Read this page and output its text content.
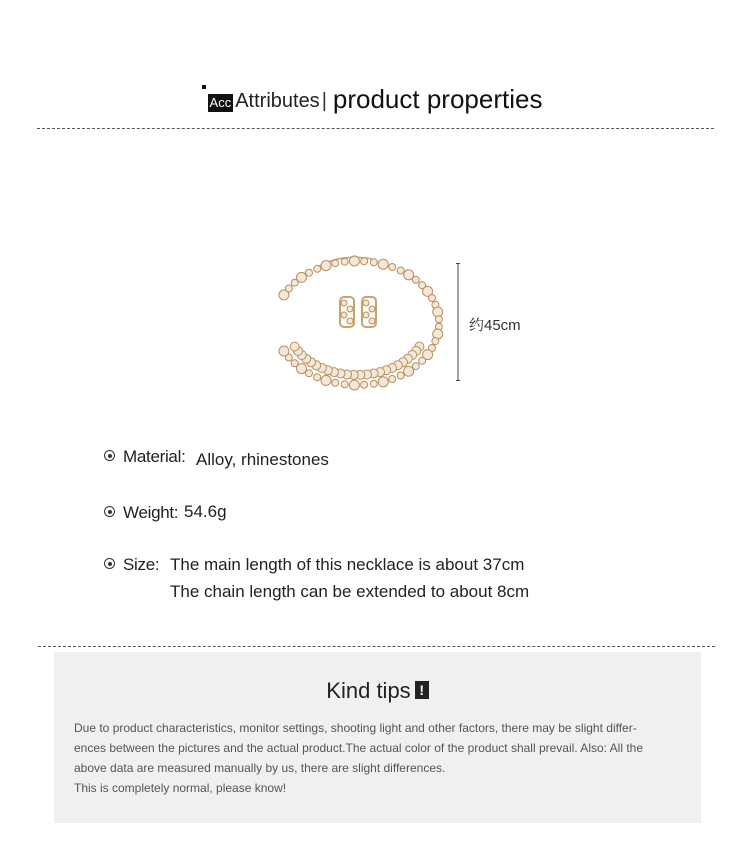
Acc Attributes | product properties
约45cm
Material: Alloy, rhinestones
Weight: 54.6g
Size: The main length of this necklace is about 37cm
The chain length can be extended to about 8cm
Kind tips !

Due to product characteristics, monitor settings, shooting light and other factors, there may be slight differ-

ences between the pictures and the actual product.The actual color of the product shall prevail. Also: All the

above data are measured manually by us, there are slight differences.

This is completely normal, please know!
